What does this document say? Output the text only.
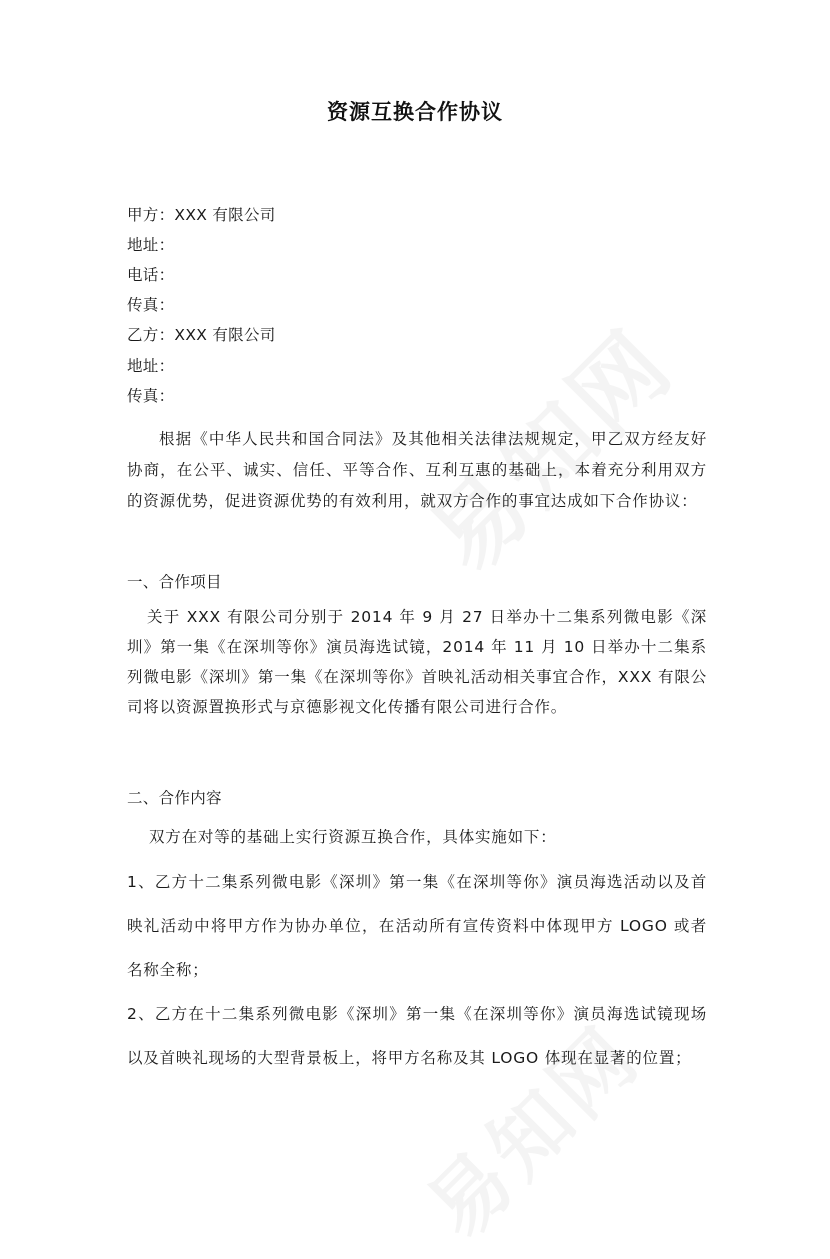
资源互换合作协议
甲方：XXX 有限公司
地址：
电话：
传真：
乙方：XXX 有限公司
地址：
传真：
根据《中华人民共和国合同法》及其他相关法律法规规定，甲乙双方经友好协商，在公平、诚实、信任、平等合作、互利互惠的基础上，本着充分利用双方的资源优势，促进资源优势的有效利用，就双方合作的事宜达成如下合作协议：
一、合作项目
关于 XXX 有限公司分别于 2014 年 9 月 27 日举办十二集系列微电影《深圳》第一集《在深圳等你》演员海选试镜，2014 年 11 月 10 日举办十二集系列微电影《深圳》第一集《在深圳等你》首映礼活动相关事宜合作，XXX 有限公司将以资源置换形式与京德影视文化传播有限公司进行合作。
二、合作内容
双方在对等的基础上实行资源互换合作，具体实施如下：
1、乙方十二集系列微电影《深圳》第一集《在深圳等你》演员海选活动以及首映礼活动中将甲方作为协办单位，在活动所有宣传资料中体现甲方 LOGO 或者名称全称；
2、乙方在十二集系列微电影《深圳》第一集《在深圳等你》演员海选试镜现场以及首映礼现场的大型背景板上，将甲方名称及其 LOGO 体现在显著的位置；
